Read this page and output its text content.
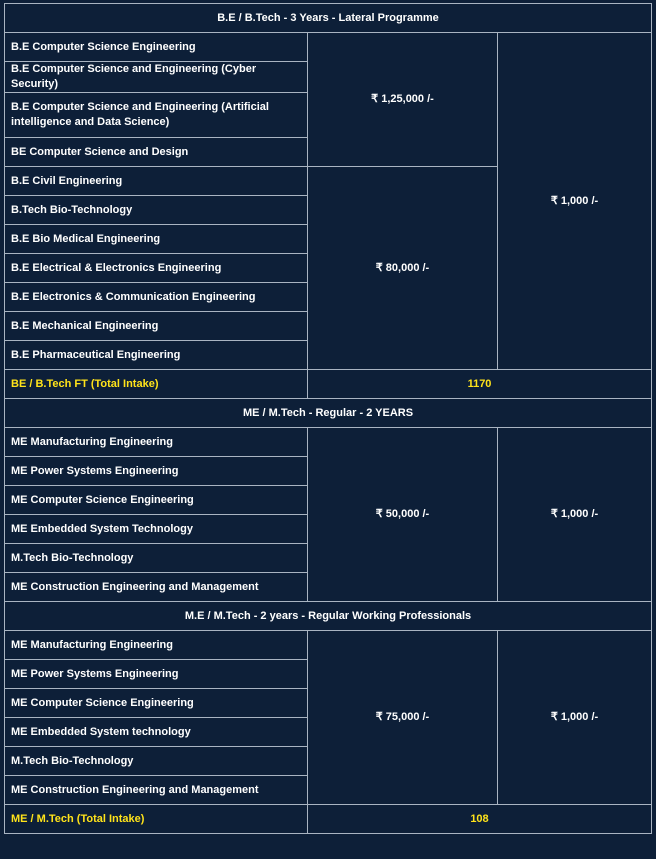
B.E / B.Tech - 3 Years - Lateral Programme		
B.E Computer Science Engineering	₹ 1,25,000 /-	₹ 1,000 /-
B.E Computer Science and Engineering (Cyber Security)		
B.E Computer Science and Engineering (Artificial intelligence and Data Science)		
BE Computer Science and Design		
B.E Civil Engineering	₹ 80,000 /-	
B.Tech Bio-Technology		
B.E Bio Medical Engineering		
B.E Electrical & Electronics Engineering		
B.E Electronics & Communication Engineering		
B.E Mechanical Engineering		
B.E Pharmaceutical Engineering		
BE / B.Tech FT (Total Intake)	1170	
ME / M.Tech - Regular - 2 YEARS		
ME Manufacturing Engineering	₹ 50,000 /-	₹ 1,000 /-
ME Power Systems Engineering		
ME Computer Science Engineering		
ME Embedded System Technology		
M.Tech Bio-Technology		
ME Construction Engineering and Management		
M.E / M.Tech - 2 years - Regular Working Professionals		
ME Manufacturing Engineering	₹ 75,000 /-	₹ 1,000 /-
ME Power Systems Engineering		
ME Computer Science Engineering		
ME Embedded System technology		
M.Tech Bio-Technology		
ME Construction Engineering and Management		
ME / M.Tech (Total Intake)	108	
